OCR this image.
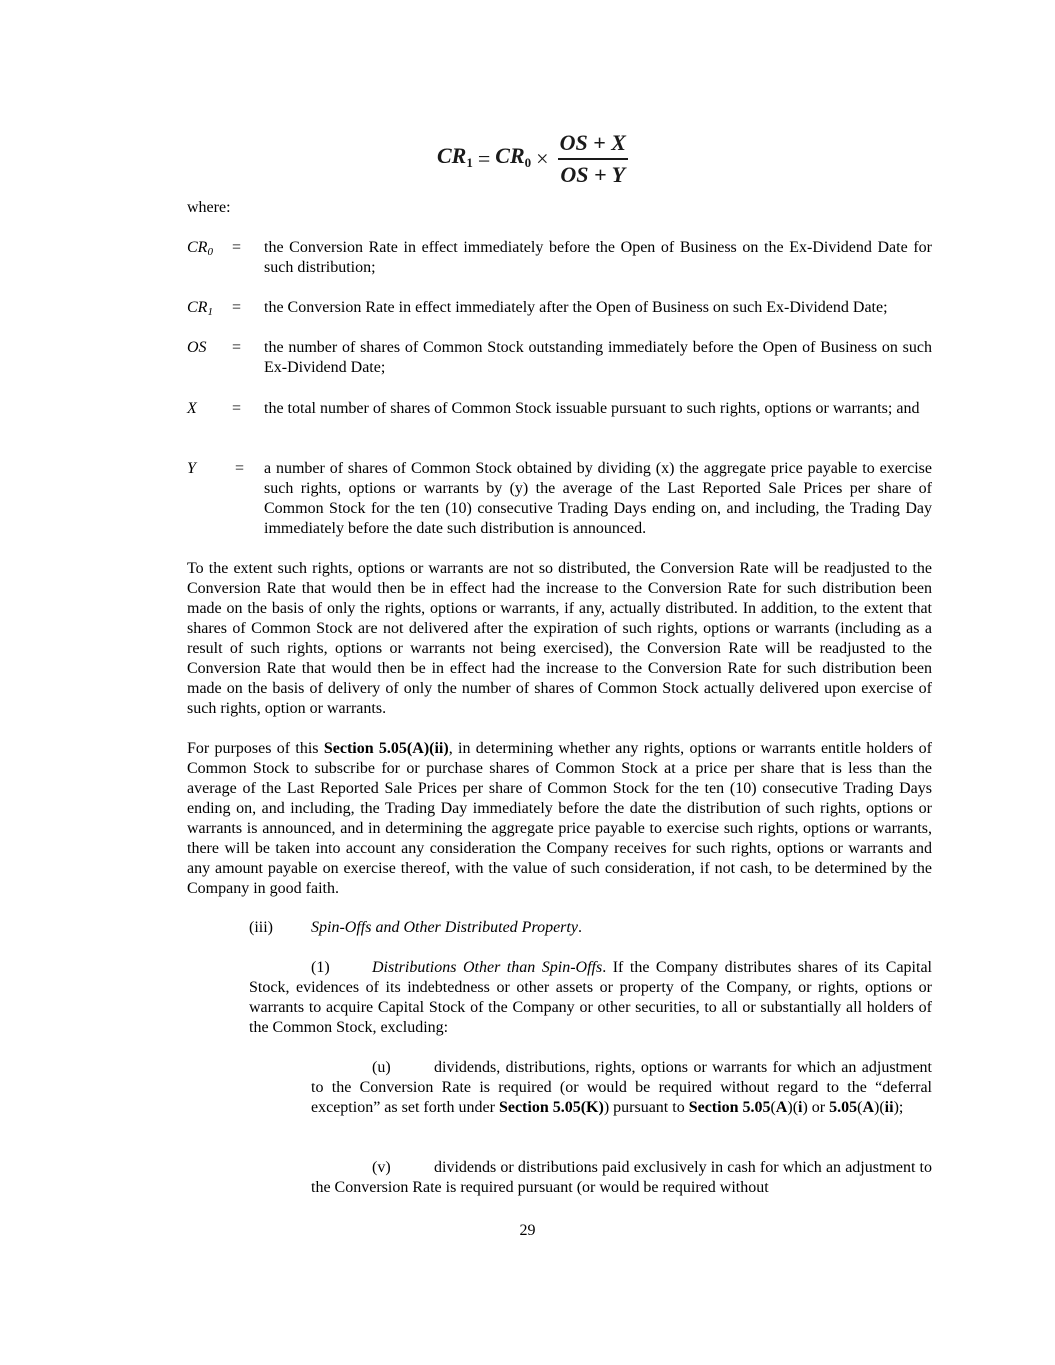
$CR_1 = CR_0 \times \frac{OS + X}{OS + Y}$
where:
$CR_0$ = the Conversion Rate in effect immediately before the Open of Business on the Ex-Dividend Date for such distribution;
$CR_1$ = the Conversion Rate in effect immediately after the Open of Business on such Ex-Dividend Date;
OS = the number of shares of Common Stock outstanding immediately before the Open of Business on such Ex-Dividend Date;
X = the total number of shares of Common Stock issuable pursuant to such rights, options or warrants; and
Y = a number of shares of Common Stock obtained by dividing (x) the aggregate price payable to exercise such rights, options or warrants by (y) the average of the Last Reported Sale Prices per share of Common Stock for the ten (10) consecutive Trading Days ending on, and including, the Trading Day immediately before the date such distribution is announced.
To the extent such rights, options or warrants are not so distributed, the Conversion Rate will be readjusted to the Conversion Rate that would then be in effect had the increase to the Conversion Rate for such distribution been made on the basis of only the rights, options or warrants, if any, actually distributed. In addition, to the extent that shares of Common Stock are not delivered after the expiration of such rights, options or warrants (including as a result of such rights, options or warrants not being exercised), the Conversion Rate will be readjusted to the Conversion Rate that would then be in effect had the increase to the Conversion Rate for such distribution been made on the basis of delivery of only the number of shares of Common Stock actually delivered upon exercise of such rights, option or warrants.
For purposes of this Section 5.05(A)(ii), in determining whether any rights, options or warrants entitle holders of Common Stock to subscribe for or purchase shares of Common Stock at a price per share that is less than the average of the Last Reported Sale Prices per share of Common Stock for the ten (10) consecutive Trading Days ending on, and including, the Trading Day immediately before the date the distribution of such rights, options or warrants is announced, and in determining the aggregate price payable to exercise such rights, options or warrants, there will be taken into account any consideration the Company receives for such rights, options or warrants and any amount payable on exercise thereof, with the value of such consideration, if not cash, to be determined by the Company in good faith.
(iii) Spin-Offs and Other Distributed Property.
(1)	Distributions Other than Spin-Offs. If the Company distributes shares of its Capital Stock, evidences of its indebtedness or other assets or property of the Company, or rights, options or warrants to acquire Capital Stock of the Company or other securities, to all or substantially all holders of the Common Stock, excluding:
(u)	dividends, distributions, rights, options or warrants for which an adjustment to the Conversion Rate is required (or would be required without regard to the “deferral exception” as set forth under Section 5.05(K)) pursuant to Section 5.05(A)(i) or 5.05(A)(ii);
(v)	dividends or distributions paid exclusively in cash for which an adjustment to the Conversion Rate is required pursuant (or would be required without
29
